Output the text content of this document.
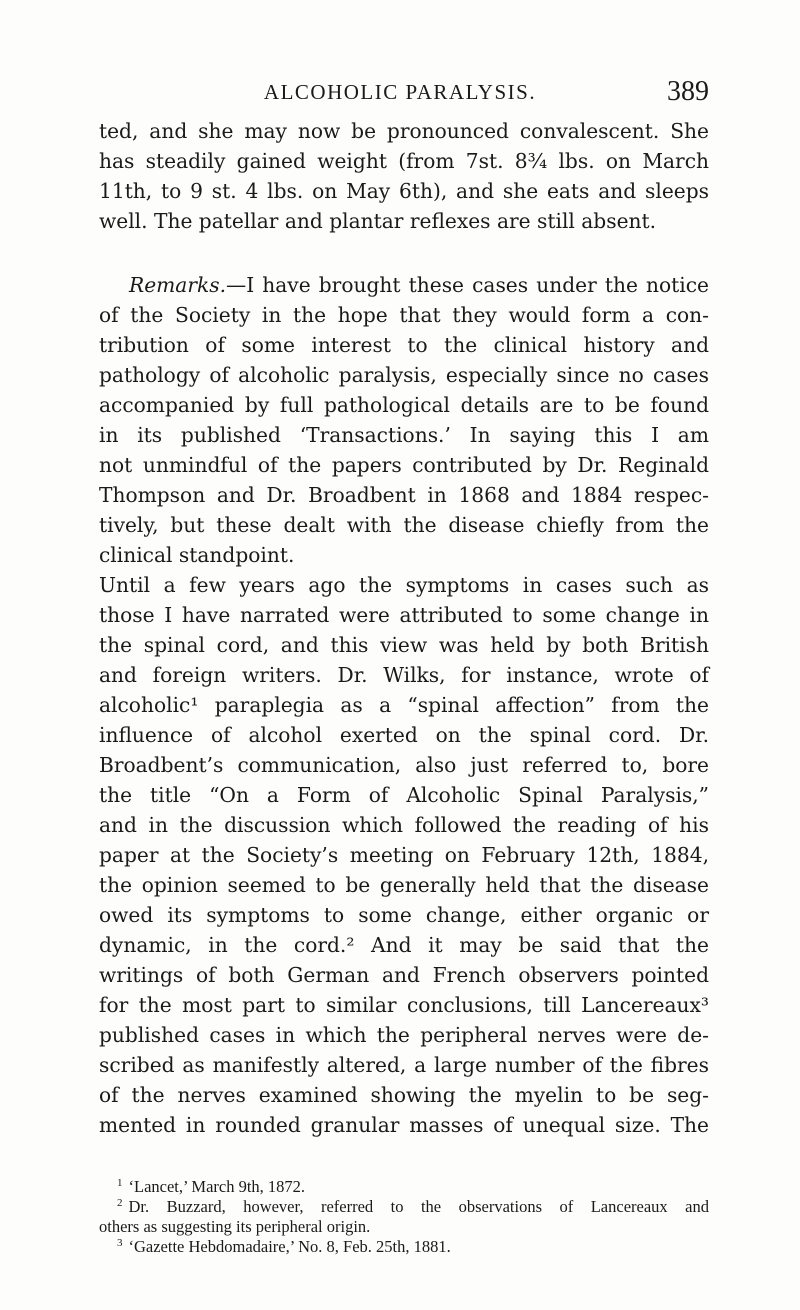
ALCOHOLIC PARALYSIS.	389

ted, and she may now be pronounced convalescent. She
has steadily gained weight (from 7st. 8¾ lbs. on March
11th, to 9 st. 4 lbs. on May 6th), and she eats and sleeps
well. The patellar and plantar reflexes are still absent.

Remarks.—I have brought these cases under the notice
of the Society in the hope that they would form a con-
tribution of some interest to the clinical history and
pathology of alcoholic paralysis, especially since no cases
accompanied by full pathological details are to be found
in its published ‘Transactions.’ In saying this I am
not unmindful of the papers contributed by Dr. Reginald
Thompson and Dr. Broadbent in 1868 and 1884 respec-
tively, but these dealt with the disease chiefly from the
clinical standpoint.

Until a few years ago the symptoms in cases such as
those I have narrated were attributed to some change in
the spinal cord, and this view was held by both British
and foreign writers. Dr. Wilks, for instance, wrote of
alcoholic¹ paraplegia as a “spinal affection” from the
influence of alcohol exerted on the spinal cord. Dr.
Broadbent’s communication, also just referred to, bore
the title “On a Form of Alcoholic Spinal Paralysis,”
and in the discussion which followed the reading of his
paper at the Society’s meeting on February 12th, 1884,
the opinion seemed to be generally held that the disease
owed its symptoms to some change, either organic or
dynamic, in the cord.² And it may be said that the
writings of both German and French observers pointed
for the most part to similar conclusions, till Lancereaux³
published cases in which the peripheral nerves were de-
scribed as manifestly altered, a large number of the fibres
of the nerves examined showing the myelin to be seg-
mented in rounded granular masses of unequal size. The

$^1$ ‘Lancet,’ March 9th, 1872.
$^2$ Dr. Buzzard, however, referred to the observations of Lancereaux and
others as suggesting its peripheral origin.
$^3$ ‘Gazette Hebdomadaire,’ No. 8, Feb. 25th, 1881.
